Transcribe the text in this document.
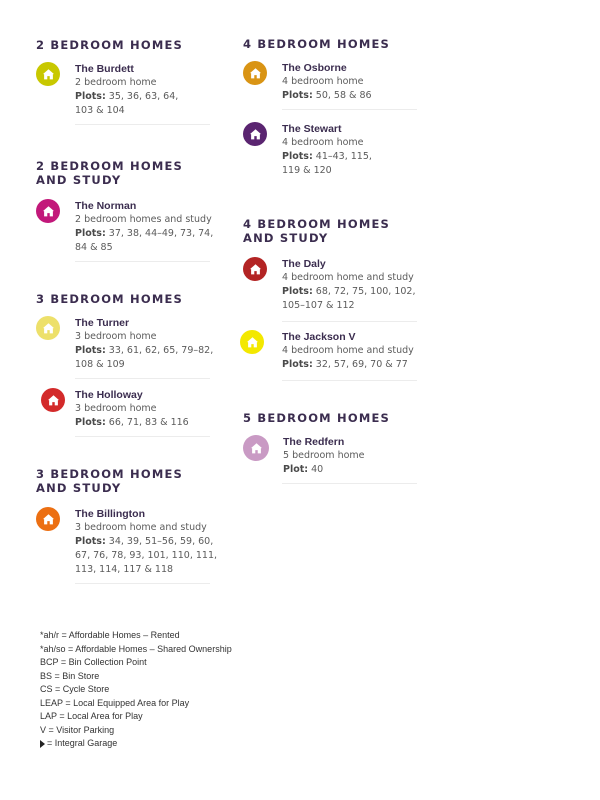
2 BEDROOM HOMES
The Burdett
2 bedroom home
Plots: 35, 36, 63, 64,
103 & 104
2 BEDROOM HOMES
AND STUDY
The Norman
2 bedroom homes and study
Plots: 37, 38, 44–49, 73, 74,
84 & 85
3 BEDROOM HOMES
The Turner
3 bedroom home
Plots: 33, 61, 62, 65, 79–82,
108 & 109
The Holloway
3 bedroom home
Plots: 66, 71, 83 & 116
3 BEDROOM HOMES
AND STUDY
The Billington
3 bedroom home and study
Plots: 34, 39, 51–56, 59, 60,
67, 76, 78, 93, 101, 110, 111,
113, 114, 117 & 118
4 BEDROOM HOMES
The Osborne
4 bedroom home
Plots: 50, 58 & 86
The Stewart
4 bedroom home
Plots: 41–43, 115,
119 & 120
4 BEDROOM HOMES
AND STUDY
The Daly
4 bedroom home and study
Plots: 68, 72, 75, 100, 102,
105–107 & 112
The Jackson V
4 bedroom home and study
Plots: 32, 57, 69, 70 & 77
5 BEDROOM HOMES
The Redfern
5 bedroom home
Plot: 40
*ah/r = Affordable Homes – Rented
*ah/so = Affordable Homes – Shared Ownership
BCP = Bin Collection Point
BS = Bin Store
CS = Cycle Store
LEAP = Local Equipped Area for Play
LAP = Local Area for Play
V = Visitor Parking
= Integral Garage
